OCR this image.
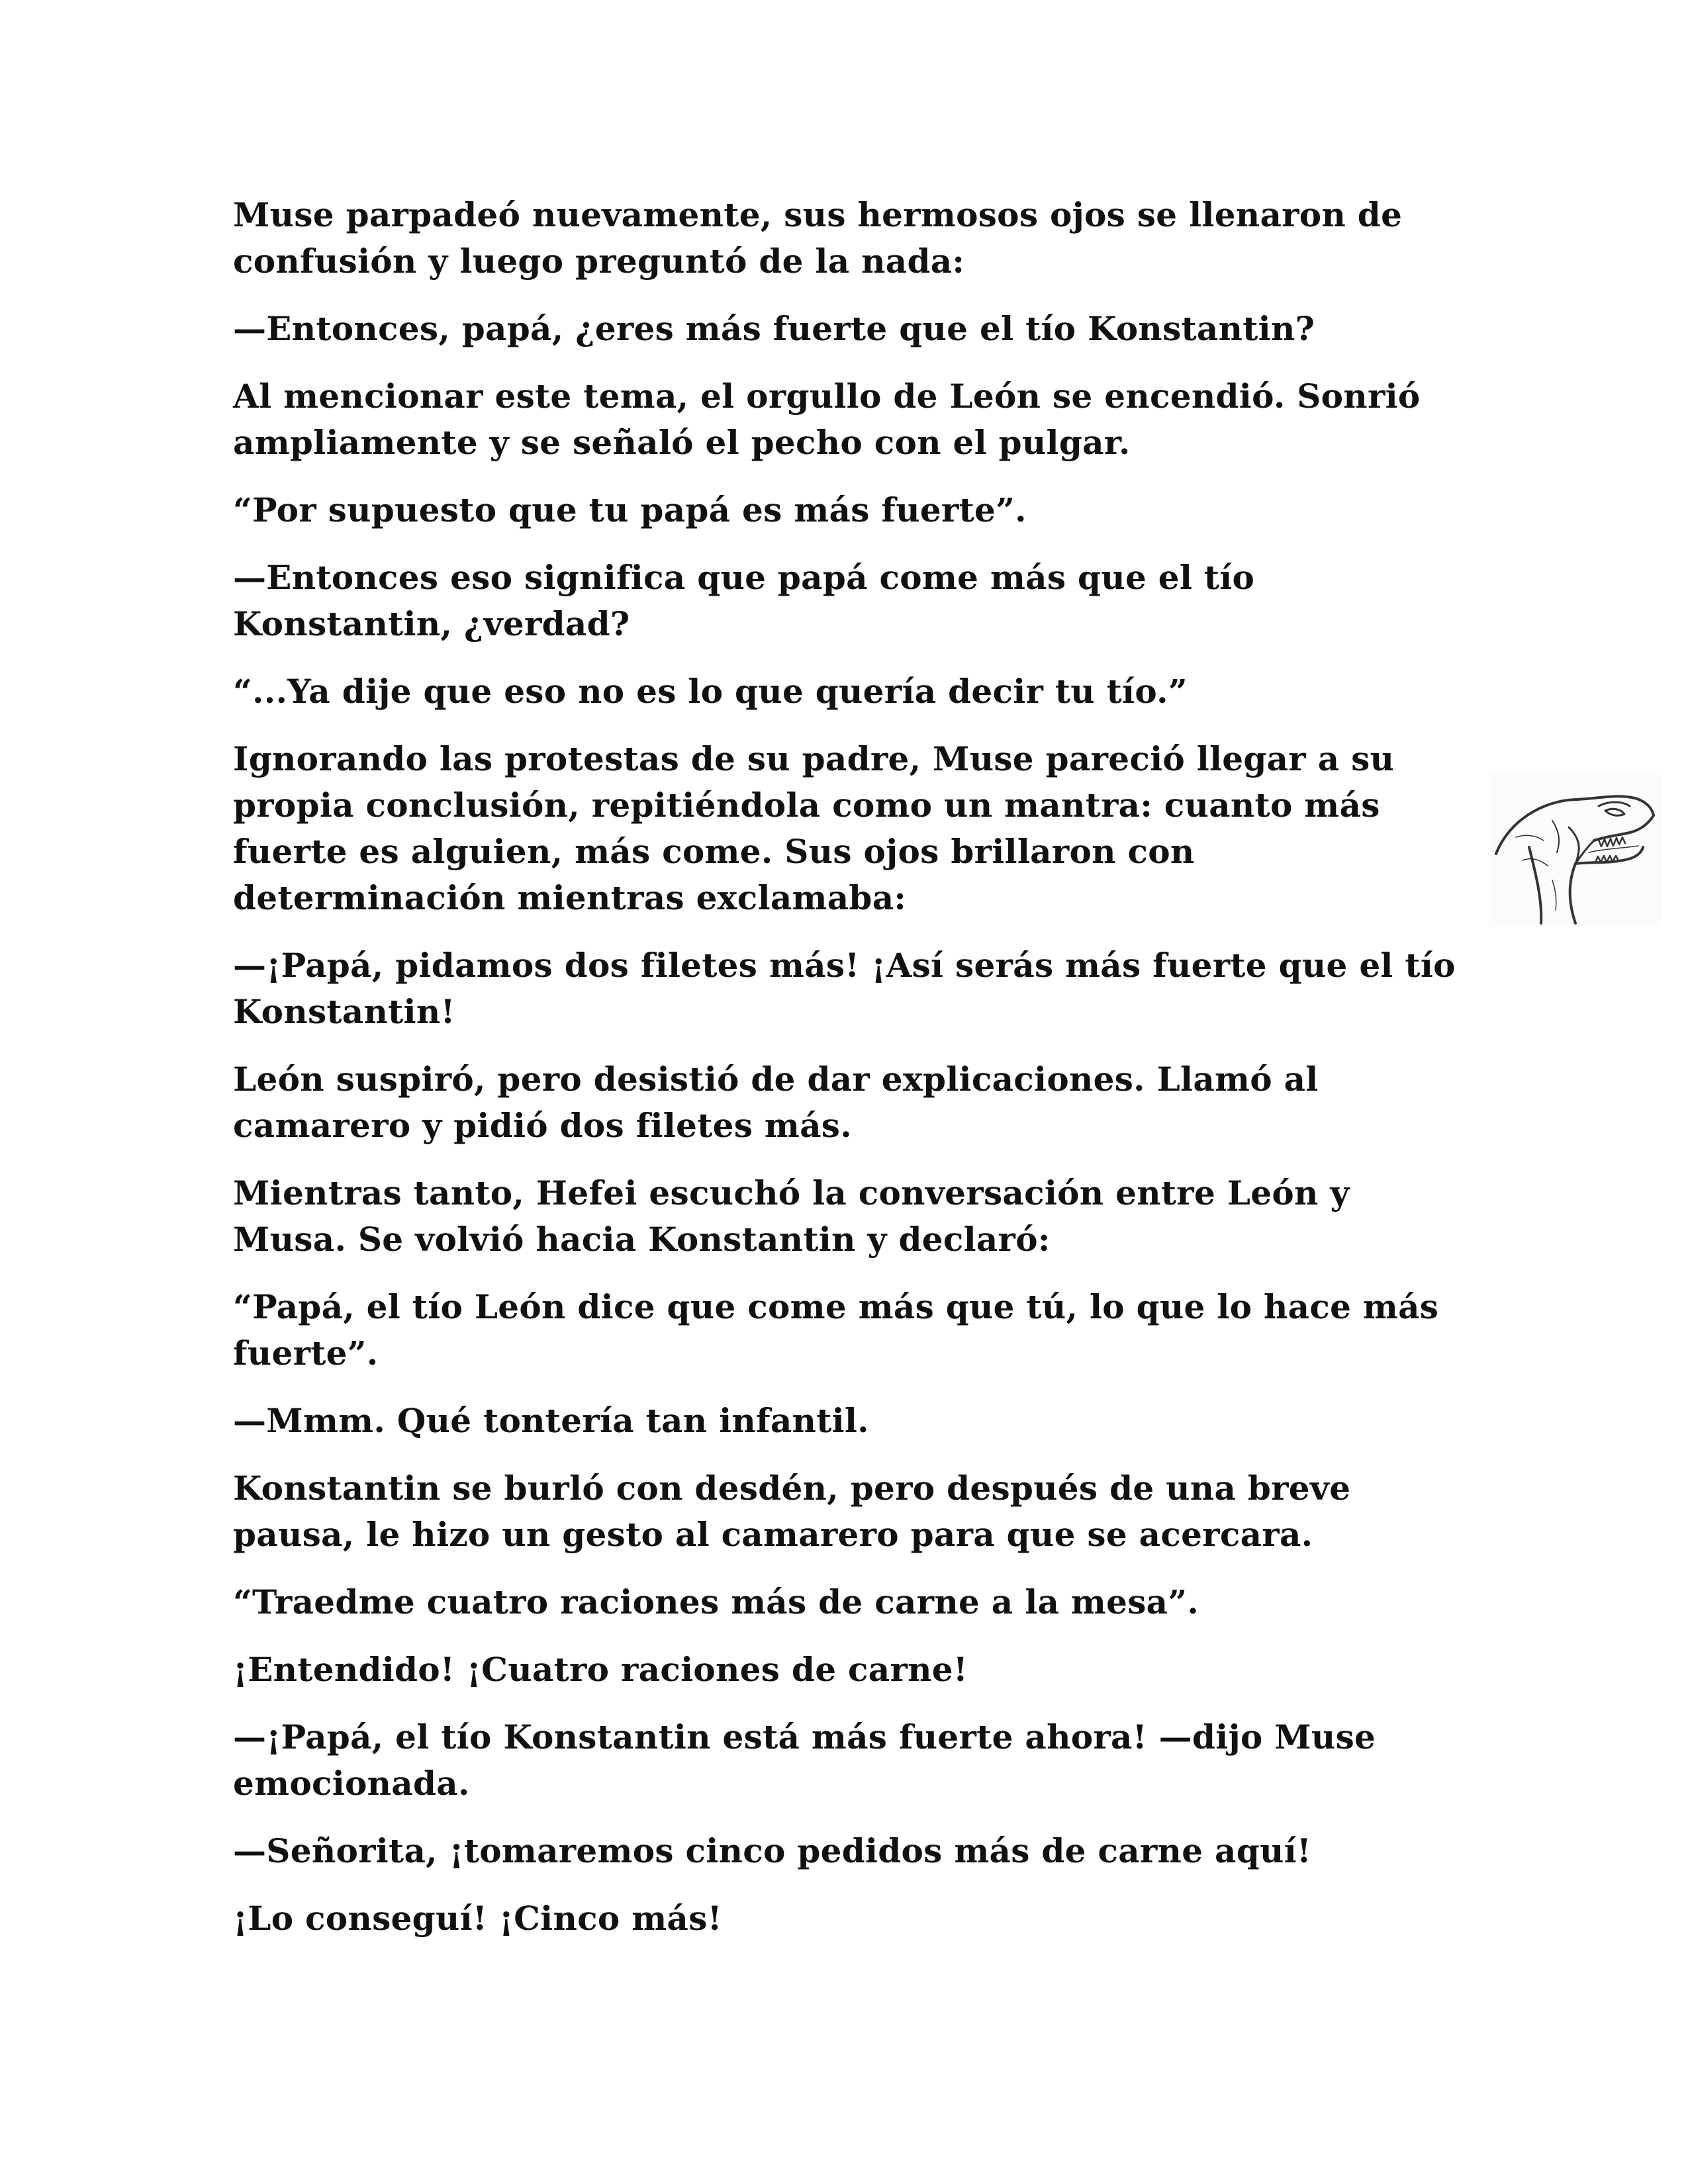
Muse parpadeó nuevamente, sus hermosos ojos se llenaron de confusión y luego preguntó de la nada:

—Entonces, papá, ¿eres más fuerte que el tío Konstantin?

Al mencionar este tema, el orgullo de León se encendió. Sonrió ampliamente y se señaló el pecho con el pulgar.

“Por supuesto que tu papá es más fuerte”.

—Entonces eso significa que papá come más que el tío Konstantin, ¿verdad?

“...Ya dije que eso no es lo que quería decir tu tío.”

Ignorando las protestas de su padre, Muse pareció llegar a su propia conclusión, repitiéndola como un mantra: cuanto más fuerte es alguien, más come. Sus ojos brillaron con determinación mientras exclamaba:

—¡Papá, pidamos dos filetes más! ¡Así serás más fuerte que el tío Konstantin!

León suspiró, pero desistió de dar explicaciones. Llamó al camarero y pidió dos filetes más.

Mientras tanto, Hefei escuchó la conversación entre León y Musa. Se volvió hacia Konstantin y declaró:

“Papá, el tío León dice que come más que tú, lo que lo hace más fuerte”.

—Mmm. Qué tontería tan infantil.

Konstantin se burló con desdén, pero después de una breve pausa, le hizo un gesto al camarero para que se acercara.

“Traedme cuatro raciones más de carne a la mesa”.

¡Entendido! ¡Cuatro raciones de carne!

—¡Papá, el tío Konstantin está más fuerte ahora! —dijo Muse emocionada.

—Señorita, ¡tomaremos cinco pedidos más de carne aquí!

¡Lo conseguí! ¡Cinco más!
